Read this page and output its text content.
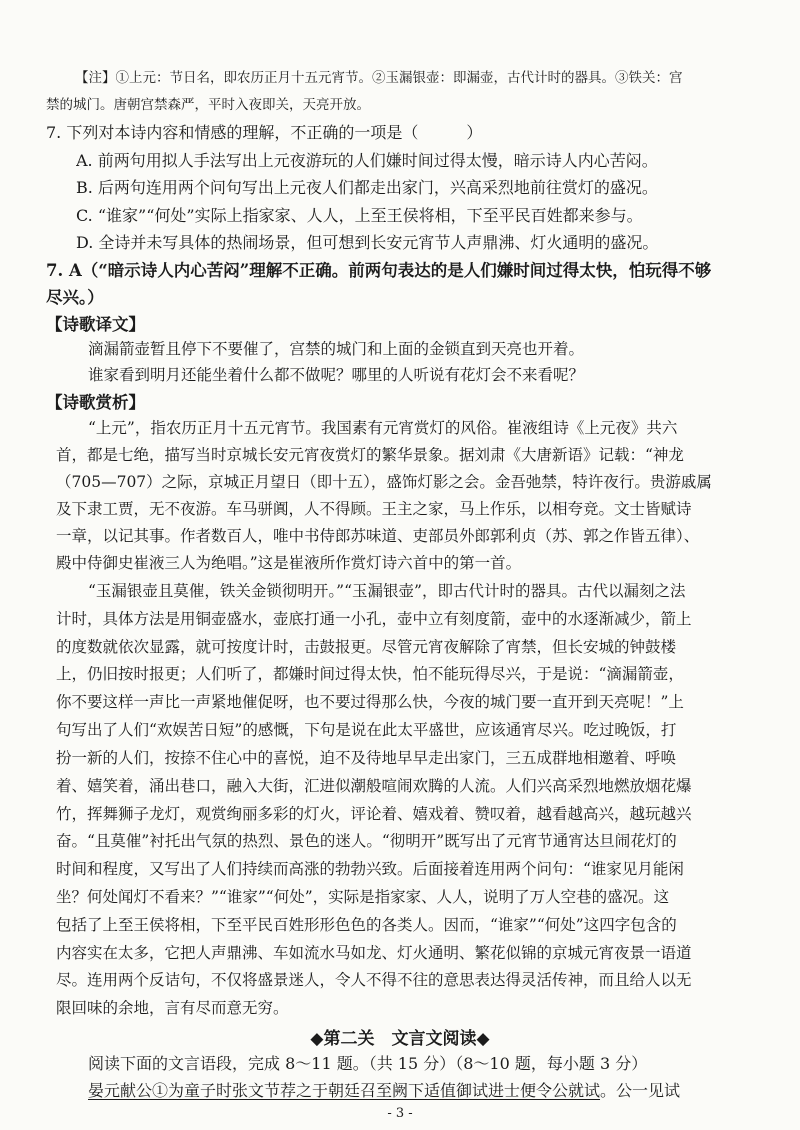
【注】①上元：节日名，即农历正月十五元宵节。②玉漏银壶：即漏壶，古代计时的器具。③铁关：宫

禁的城门。唐朝宫禁森严，平时入夜即关，天亮开放。

7. 下列对本诗内容和情感的理解，不正确的一项是（　　　）

A. 前两句用拟人手法写出上元夜游玩的人们嫌时间过得太慢，暗示诗人内心苦闷。

B. 后两句连用两个问句写出上元夜人们都走出家门，兴高采烈地前往赏灯的盛况。

C. “谁家”“何处”实际上指家家、人人，上至王侯将相，下至平民百姓都来参与。

D. 全诗并未写具体的热闹场景，但可想到长安元宵节人声鼎沸、灯火通明的盛况。

7. A（“暗示诗人内心苦闷”理解不正确。前两句表达的是人们嫌时间过得太快，怕玩得不够

尽兴。）

【诗歌译文】

滴漏箭壶暂且停下不要催了，宫禁的城门和上面的金锁直到天亮也开着。

谁家看到明月还能坐着什么都不做呢？哪里的人听说有花灯会不来看呢？

【诗歌赏析】

“上元”，指农历正月十五元宵节。我国素有元宵赏灯的风俗。崔液组诗《上元夜》共六

首，都是七绝，描写当时京城长安元宵夜赏灯的繁华景象。据刘肃《大唐新语》记载：“神龙

（705—707）之际，京城正月望日（即十五），盛饰灯影之会。金吾弛禁，特许夜行。贵游戚属

及下隶工贾，无不夜游。车马骈阗，人不得顾。王主之家，马上作乐，以相夸竞。文士皆赋诗

一章，以记其事。作者数百人，唯中书侍郎苏味道、吏部员外郎郭利贞（苏、郭之作皆五律）、

殿中侍御史崔液三人为绝唱。”这是崔液所作赏灯诗六首中的第一首。

“玉漏银壶且莫催，铁关金锁彻明开。”“玉漏银壶”，即古代计时的器具。古代以漏刻之法

计时，具体方法是用铜壶盛水，壶底打通一小孔，壶中立有刻度箭，壶中的水逐渐减少，箭上

的度数就依次显露，就可按度计时，击鼓报更。尽管元宵夜解除了宵禁，但长安城的钟鼓楼

上，仍旧按时报更；人们听了，都嫌时间过得太快，怕不能玩得尽兴，于是说：“滴漏箭壶，

你不要这样一声比一声紧地催促呀，也不要过得那么快，今夜的城门要一直开到天亮呢！”上

句写出了人们“欢娱苦日短”的感慨，下句是说在此太平盛世，应该通宵尽兴。吃过晚饭，打

扮一新的人们，按捺不住心中的喜悦，迫不及待地早早走出家门，三五成群地相邀着、呼唤

着、嬉笑着，涌出巷口，融入大街，汇进似潮般喧闹欢腾的人流。人们兴高采烈地燃放烟花爆

竹，挥舞狮子龙灯，观赏绚丽多彩的灯火，评论着、嬉戏着、赞叹着，越看越高兴，越玩越兴

奋。“且莫催”衬托出气氛的热烈、景色的迷人。“彻明开”既写出了元宵节通宵达旦闹花灯的

时间和程度，又写出了人们持续而高涨的勃勃兴致。后面接着连用两个问句：“谁家见月能闲

坐？何处闻灯不看来？”“谁家”“何处”，实际是指家家、人人，说明了万人空巷的盛况。这

包括了上至王侯将相，下至平民百姓形形色色的各类人。因而，“谁家”“何处”这四字包含的

内容实在太多，它把人声鼎沸、车如流水马如龙、灯火通明、繁花似锦的京城元宵夜景一语道

尽。连用两个反诘句，不仅将盛景迷人，令人不得不往的意思表达得灵活传神，而且给人以无

限回味的余地，言有尽而意无穷。

◆第二关　文言文阅读◆

阅读下面的文言语段，完成 8～11 题。（共 15 分）（8～10 题，每小题 3 分）

晏元献公①为童子时张文节荐之于朝廷召至阙下适值御试进士便令公就试。公一见试

- 3 -
